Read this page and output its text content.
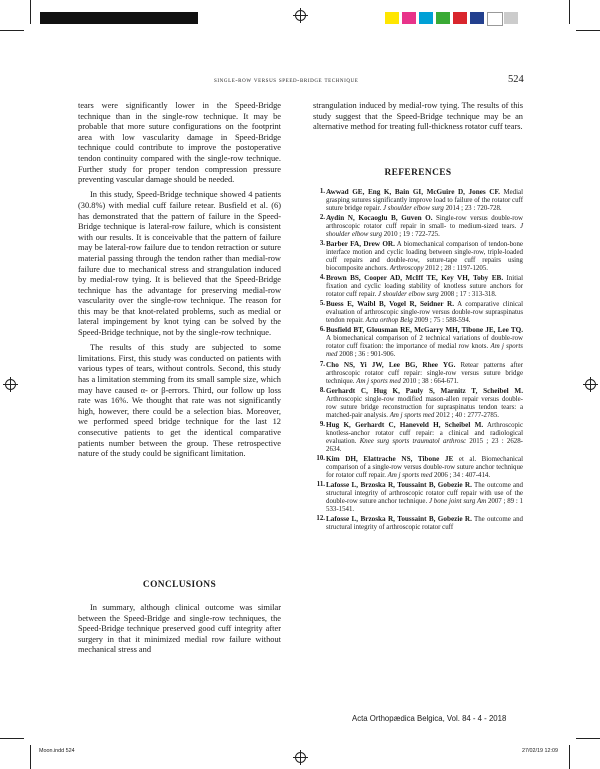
single-row versus speed-bridge technique	524

tears were significantly lower in the Speed-Bridge technique than in the single-row technique. It may be probable that more suture configurations on the footprint area with low vascularity damage in Speed-Bridge technique could contribute to improve the postoperative tendon continuity compared with the single-row technique. Further study for proper tendon compression pressure preventing vascular damage should be needed.

In this study, Speed-Bridge technique showed 4 patients (30.8%) with medial cuff failure retear. Busfield et al. (6) has demonstrated that the pattern of failure in the Speed-Bridge technique is lateral-row failure, which is consistent with our results. It is conceivable that the pattern of failure may be lateral-row failure due to tendon retraction or suture material passing through the tendon rather than medial-row failure due to mechanical stress and strangulation induced by medial-row tying. It is believed that the Speed-Bridge technique has the advantage for preserving medial-row vascularity over the single-row technique. The reason for this may be that knot-related problems, such as medial or lateral impingement by knot tying can be solved by the Speed-Bridge technique, not by the single-row technique.

The results of this study are subjected to some limitations. First, this study was conducted on patients with various types of tears, without controls. Second, this study has a limitation stemming from its small sample size, which may have caused α- or β-errors. Third, our follow up loss rate was 16%. We thought that rate was not significantly high, however, there could be a selection bias. Moreover, we performed speed bridge technique for the last 12 consecutive patients to get the identical comparative patients number between the group. These retrospective nature of the study could be significant limitation.

CONCLUSIONS

In summary, although clinical outcome was similar between the Speed-Bridge and single-row techniques, the Speed-Bridge technique preserved good cuff integrity after surgery in that it minimized medial row failure without mechanical stress and

strangulation induced by medial-row tying. The results of this study suggest that the Speed-Bridge technique may be an alternative method for treating full-thickness rotator cuff tears.

REFERENCES
1. Awwad GE, Eng K, Bain GI, McGuire D, Jones CF. Medial grasping sutures significantly improve load to failure of the rotator cuff suture bridge repair. J shoulder elbow surg 2014 ; 23 : 720-728.
2. Aydin N, Kocaoglu B, Guven O. Single-row versus double-row arthroscopic rotator cuff repair in small- to medium-sized tears. J shoulder elbow surg 2010 ; 19 : 722-725.
3. Barber FA, Drew OR. A biomechanical comparison of tendon-bone interface motion and cyclic loading between single-row, triple-loaded cuff repairs and double-row, suture-tape cuff repairs using biocomposite anchors. Arthroscopy 2012 ; 28 : 1197-1205.
4. Brown BS, Cooper AD, McIff TE, Key VH, Toby EB. Initial fixation and cyclic loading stability of knotless suture anchors for rotator cuff repair. J shoulder elbow surg 2008 ; 17 : 313-318.
5. Buess E, Waibl B, Vogel R, Seidner R. A comparative clinical evaluation of arthroscopic single-row versus double-row supraspinatus tendon repair. Acta orthop Belg 2009 ; 75 : 588-594.
6. Busfield BT, Glousman RE, McGarry MH, Tibone JE, Lee TQ. A biomechanical comparison of 2 technical variations of double-row rotator cuff fixation: the importance of medial row knots. Am j sports med 2008 ; 36 : 901-906.
7. Cho NS, Yi JW, Lee BG, Rhee YG. Retear patterns after arthroscopic rotator cuff repair: single-row versus suture bridge technique. Am j sports med 2010 ; 38 : 664-671.
8. Gerhardt C, Hug K, Pauly S, Marnitz T, Scheibel M. Arthroscopic single-row modified mason-allen repair versus double-row suture bridge reconstruction for supraspinatus tendon tears: a matched-pair analysis. Am j sports med 2012 ; 40 : 2777-2785.
9. Hug K, Gerhardt C, Haneveld H, Scheibel M. Arthroscopic knotless-anchor rotator cuff repair: a clinical and radiological evaluation. Knee surg sports traumatol arthrosc 2015 ; 23 : 2628-2634.
10. Kim DH, Elattrache NS, Tibone JE et al. Biomechanical comparison of a single-row versus double-row suture anchor technique for rotator cuff repair. Am j sports med 2006 ; 34 : 407-414.
11. Lafosse L, Brzoska R, Toussaint B, Gobezie R. The outcome and structural integrity of arthroscopic rotator cuff repair with use of the double-row suture anchor technique. J bone joint surg Am 2007 ; 89 : 1 533-1541.
12. Lafosse L, Brzoska R, Toussaint B, Gobezie R. The outcome and structural integrity of arthroscopic rotator cuff
Acta Orthopædica Belgica, Vol. 84 - 4 - 2018
Moon.indd 524	27/02/19 12:09
